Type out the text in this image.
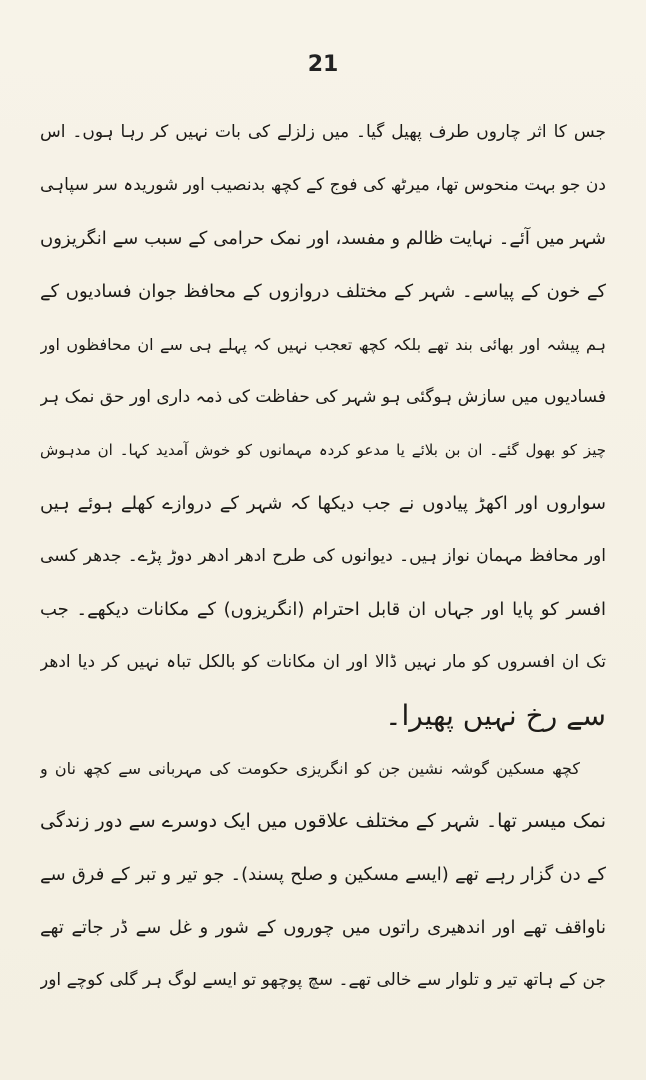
21
جس کا اثر چاروں طرف پھیل گیا۔ میں زلزلے کی بات نہیں کر رہا ہوں۔ اس
دن جو بہت منحوس تھا، میرٹھ کی فوج کے کچھ بدنصیب اور شوریدہ سر سپاہی
شہر میں آئے۔ نہایت ظالم و مفسد، اور نمک حرامی کے سبب سے انگریزوں
کے خون کے پیاسے۔ شہر کے مختلف دروازوں کے محافظ جوان فسادیوں کے
ہم پیشہ اور بھائی بند تھے بلکہ کچھ تعجب نہیں کہ پہلے ہی سے ان محافظوں اور
فسادیوں میں سازش ہوگئی ہو شہر کی حفاظت کی ذمہ داری اور حق نمک ہر
چیز کو بھول گئے۔ ان بن بلائے یا مدعو کردہ مہمانوں کو خوش آمدید کہا۔ ان مدہوش
سواروں اور اکھڑ پیادوں نے جب دیکھا کہ شہر کے دروازے کھلے ہوئے ہیں
اور محافظ مہمان نواز ہیں۔ دیوانوں کی طرح ادھر ادھر دوڑ پڑے۔ جدھر کسی
افسر کو پایا اور جہاں ان قابل احترام (انگریزوں) کے مکانات دیکھے۔ جب
تک ان افسروں کو مار نہیں ڈالا اور ان مکانات کو بالکل تباہ نہیں کر دیا ادھر
سے رخ نہیں پھیرا۔
کچھ مسکین گوشہ نشین جن کو انگریزی حکومت کی مہربانی سے کچھ نان و
نمک میسر تھا۔ شہر کے مختلف علاقوں میں ایک دوسرے سے دور زندگی
کے دن گزار رہے تھے (ایسے مسکین و صلح پسند)۔ جو تیر و تبر کے فرق سے
ناواقف تھے اور اندھیری راتوں میں چوروں کے شور و غل سے ڈر جاتے تھے
جن کے ہاتھ تیر و تلوار سے خالی تھے۔ سچ پوچھو تو ایسے لوگ ہر گلی کوچے اور
